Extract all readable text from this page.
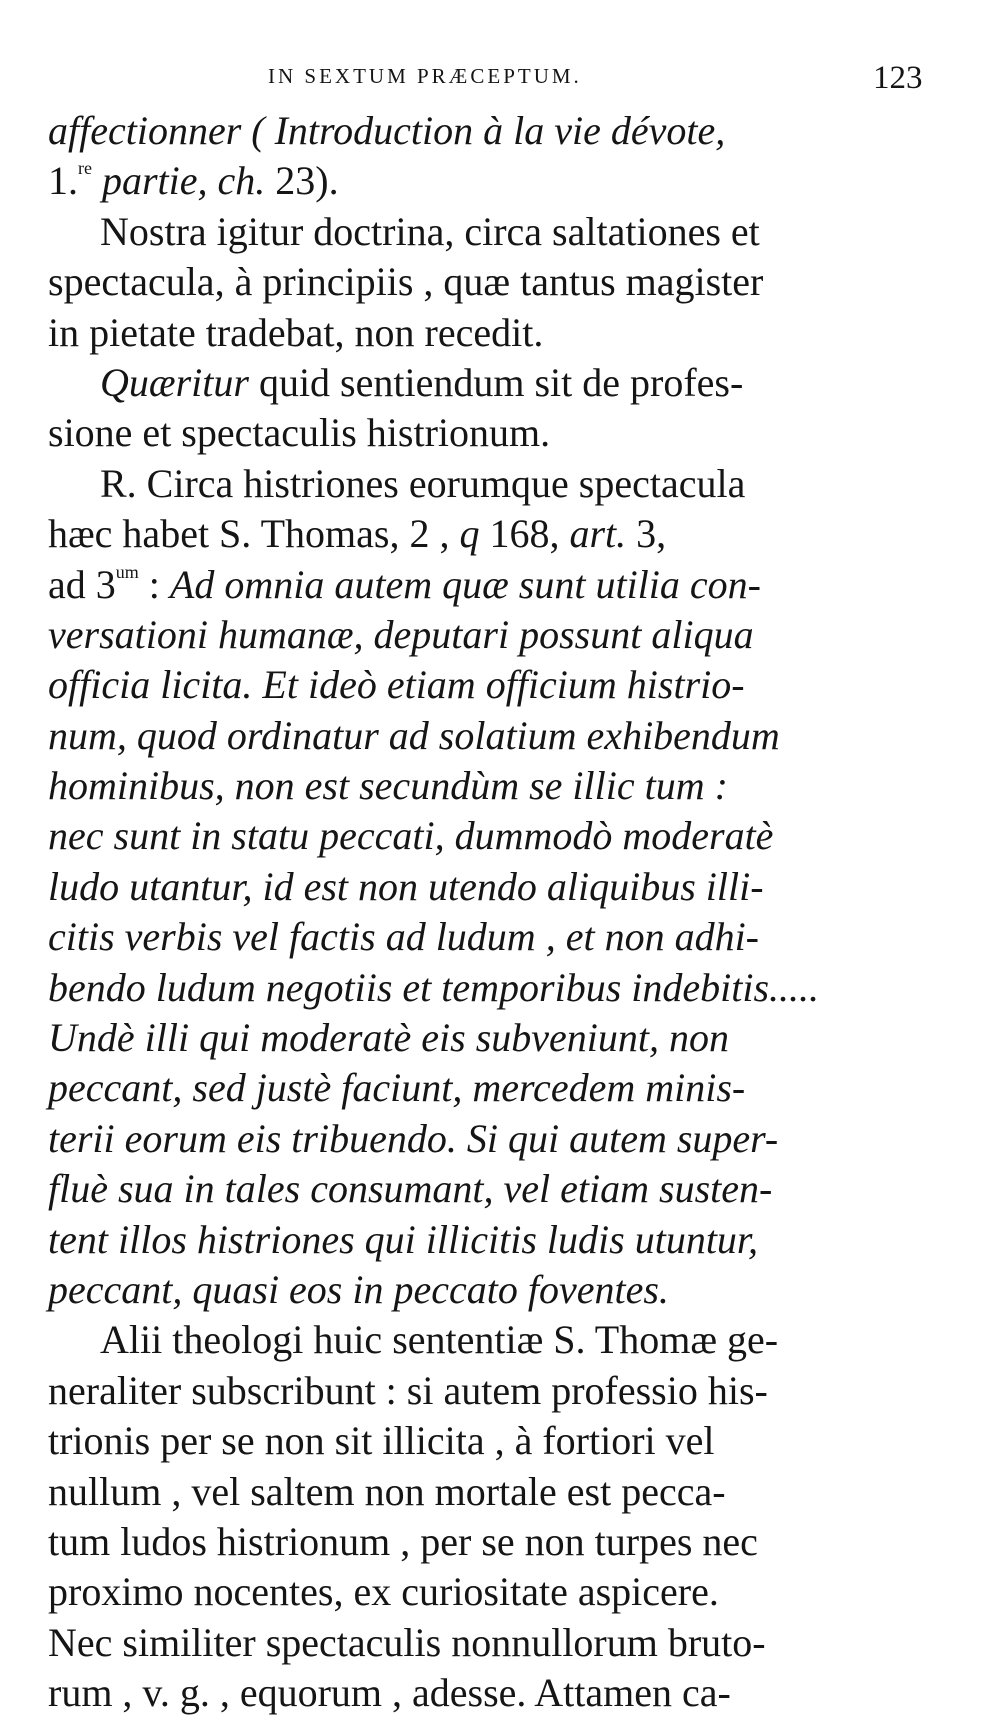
IN SEXTUM PRÆCEPTUM.	123
affectionner ( Introduction à la vie dévote,
1.$^{re}$ partie, ch. 23).
Nostra igitur doctrina, circa saltationes et
spectacula, à principiis , quæ tantus magister
in pietate tradebat, non recedit.
Quæritur quid sentiendum sit de profes-
sione et spectaculis histrionum.
R. Circa histriones eorumque spectacula
hæc habet S. Thomas, 2 , q 168, art. 3,
ad $3^{um}$ : Ad omnia autem quæ sunt utilia con-
versationi humanæ, deputari possunt aliqua
officia licita. Et ideò etiam officium histrio-
num, quod ordinatur ad solatium exhibendum
hominibus, non est secundùm se illic tum :
nec sunt in statu peccati, dummodò moderatè
ludo utantur, id est non utendo aliquibus illi-
citis verbis vel factis ad ludum , et non adhi-
bendo ludum negotiis et temporibus indebitis.....
Undè illi qui moderatè eis subveniunt, non
peccant, sed justè faciunt, mercedem minis-
terii eorum eis tribuendo. Si qui autem super-
fluè sua in tales consumant, vel etiam susten-
tent illos histriones qui illicitis ludis utuntur,
peccant, quasi eos in peccato foventes.
Alii theologi huic sententiæ S. Thomæ ge-
neraliter subscribunt : si autem professio his-
trionis per se non sit illicita , à fortiori vel
nullum , vel saltem non mortale est pecca-
tum ludos histrionum , per se non turpes nec
proximo nocentes, ex curiositate aspicere.
Nec similiter spectaculis nonnullorum bruto-
rum , v. g. , equorum , adesse. Attamen ca-
